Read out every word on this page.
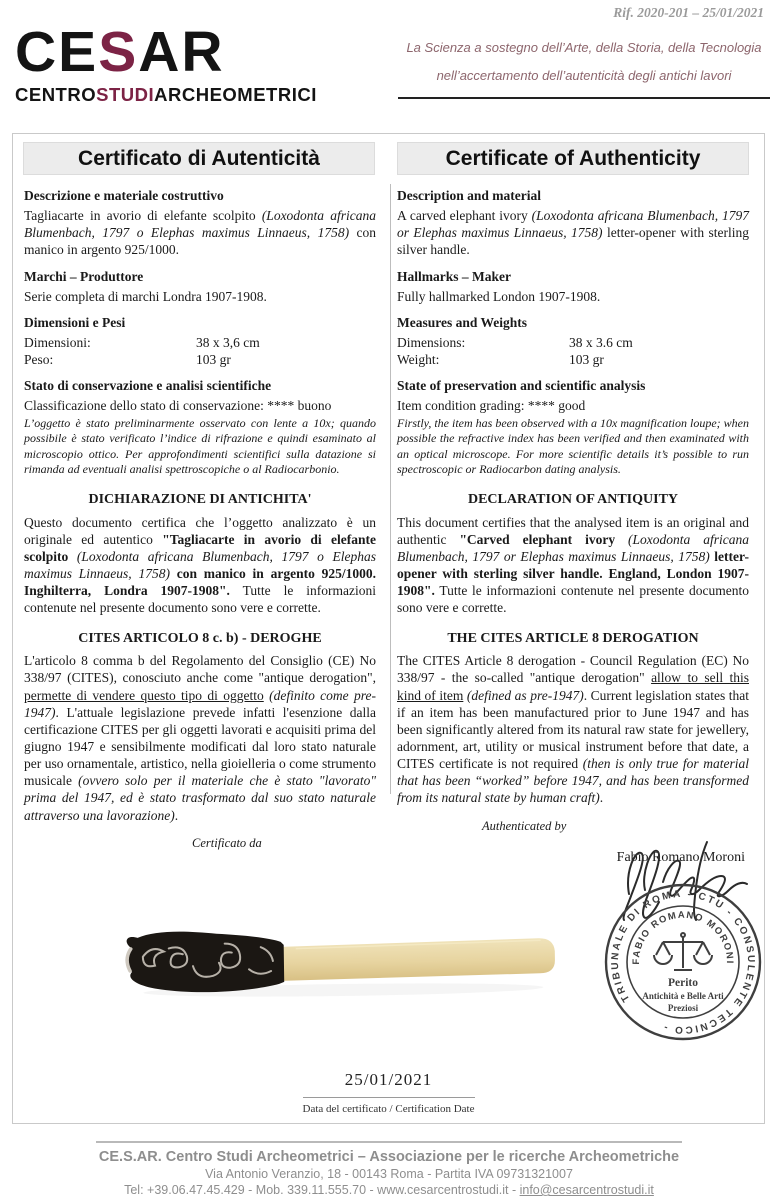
Rif. 2020-201 – 25/01/2021
CESAR
CENTROSTUDIARCHEOMETRICI
La Scienza a sostegno dell’Arte, della Storia, della Tecnologia
nell’accertamento dell’autenticità degli antichi lavori
Certificato di Autenticità	Certificate of Authenticity
Descrizione e materiale costruttivo

Tagliacarte in avorio di elefante scolpito (Loxodonta africana Blumenbach, 1797 o Elephas maximus Linnaeus, 1758) con manico in argento 925/1000.

Marchi – Produttore

Serie completa di marchi Londra 1907-1908.

Dimensioni e Pesi
Dimensioni:	38 x 3,6 cm
Peso:	103 gr
Stato di conservazione e analisi scientifiche

Classificazione dello stato di conservazione: **** buono

L’oggetto è stato preliminarmente osservato con lente a 10x; quando possibile è stato verificato l’indice di rifrazione e quindi esaminato al microscopio ottico. Per approfondimenti scientifici sulla datazione si rimanda ad eventuali analisi spettroscopiche o al Radiocarbonio.

DICHIARAZIONE DI ANTICHITA'

Questo documento certifica che l’oggetto analizzato è un originale ed autentico "Tagliacarte in avorio di elefante scolpito (Loxodonta africana Blumenbach, 1797 o Elephas maximus Linnaeus, 1758) con manico in argento 925/1000. Inghilterra, Londra 1907-1908". Tutte le informazioni contenute nel presente documento sono vere e corrette.

CITES ARTICOLO 8 c. b) - DEROGHE

L'articolo 8 comma b del Regolamento del Consiglio (CE) No 338/97 (CITES), conosciuto anche come "antique derogation", permette di vendere questo tipo di oggetto (definito come pre-1947). L'attuale legislazione prevede infatti l'esenzione dalla certificazione CITES per gli oggetti lavorati e acquisiti prima del giugno 1947 e sensibilmente modificati dal loro stato naturale per uso ornamentale, artistico, nella gioielleria o come strumento musicale (ovvero solo per il materiale che è stato "lavorato" prima del 1947, ed è stato trasformato dal suo stato naturale attraverso una lavorazione).

Certificato da
Description and material

A carved elephant ivory (Loxodonta africana Blumenbach, 1797 or Elephas maximus Linnaeus, 1758) letter-opener with sterling silver handle.

Hallmarks – Maker

Fully hallmarked London 1907-1908.

Measures and Weights
Dimensions:	38 x 3.6 cm
Weight:	103 gr
State of preservation and scientific analysis

Item condition grading: **** good

Firstly, the item has been observed with a 10x magnification loupe; when possible the refractive index has been verified and then examinated with an optical microscope. For more scientific details it’s possible to run spectroscopic or Radiocarbon dating analysis.

DECLARATION OF ANTIQUITY

This document certifies that the analysed item is an original and authentic "Carved elephant ivory (Loxodonta africana Blumenbach, 1797 or Elephas maximus Linnaeus, 1758) letter-opener with sterling silver handle. England, London 1907-1908". Tutte le informazioni contenute nel presente documento sono vere e corrette.

THE CITES ARTICLE 8 DEROGATION

The CITES Article 8 derogation - Council Regulation (EC) No 338/97 - the so-called "antique derogation" allow to sell this kind of item (defined as pre-1947). Current legislation states that if an item has been manufactured prior to June 1947 and has been significantly altered from its natural raw state for jewellery, adornment, art, utility or musical instrument before that date, a CITES certificate is not required (then is only true for material that has been “worked” before 1947, and has been transformed from its natural state by human craft).

Authenticated by
Fabio Romano Moroni
TRIBUNALE DI ROMA - CTU - CONSULENTE TECNICO -
FABIO ROMANO MORONI
Perito
Antichità e Belle Arti
Preziosi
25/01/2021
Data del certificato / Certification Date
CE.S.AR. Centro Studi Archeometrici – Associazione per le ricerche Archeometriche
Via Antonio Veranzio, 18 - 00143 Roma - Partita IVA 09731321007
Tel: +39.06.47.45.429 - Mob. 339.11.555.70 - www.cesarcentrostudi.it - info@cesarcentrostudi.it
